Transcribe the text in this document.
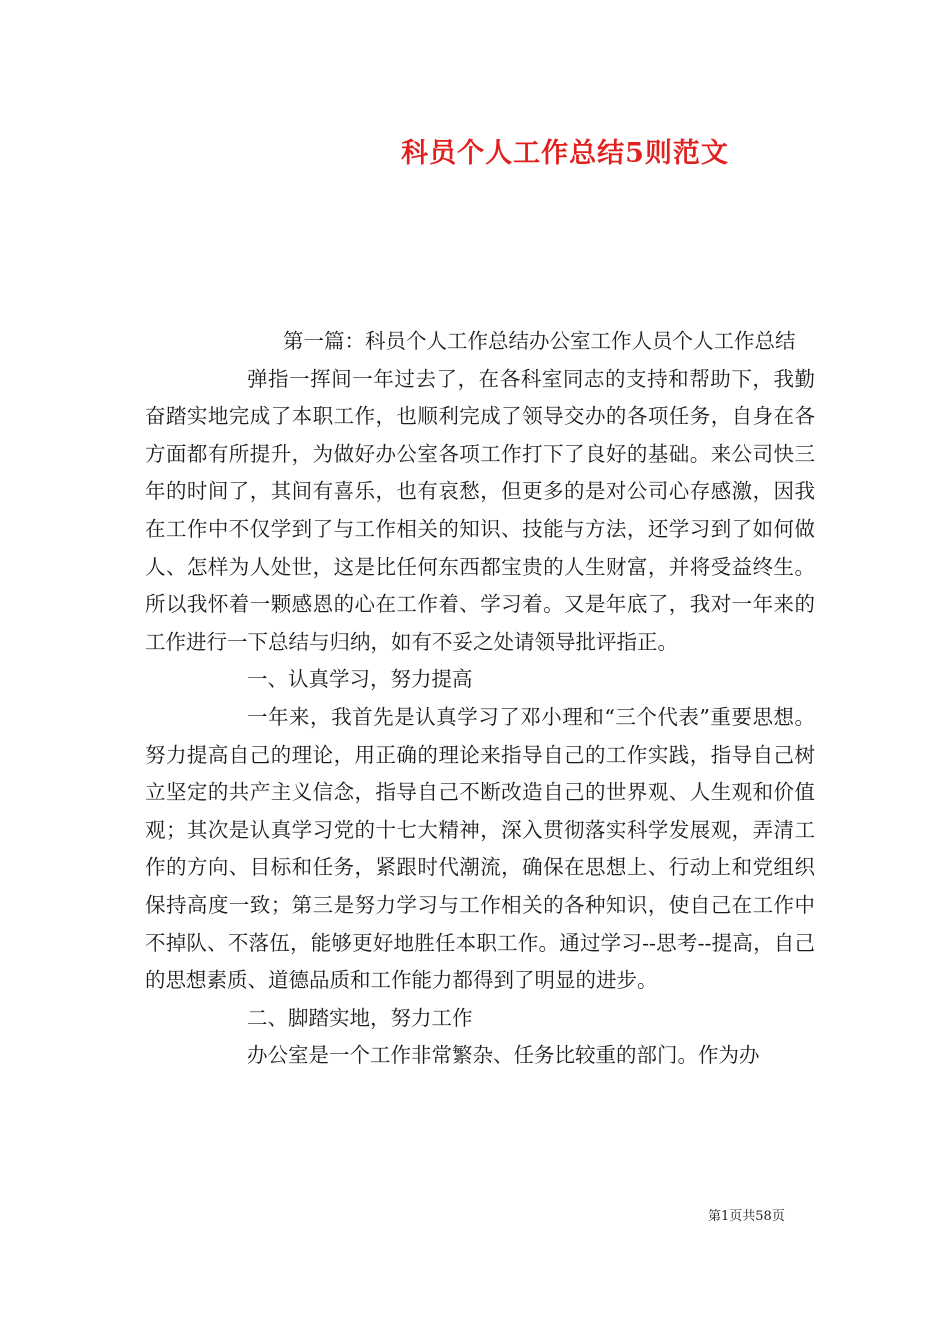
科员个人工作总结5则范文

第一篇：科员个人工作总结办公室工作人员个人工作总结

弹指一挥间一年过去了，在各科室同志的支持和帮助下，我勤奋踏实地完成了本职工作，也顺利完成了领导交办的各项任务，自身在各方面都有所提升，为做好办公室各项工作打下了良好的基础。来公司快三年的时间了，其间有喜乐，也有哀愁，但更多的是对公司心存感激，因我在工作中不仅学到了与工作相关的知识、技能与方法，还学习到了如何做人、怎样为人处世，这是比任何东西都宝贵的人生财富，并将受益终生。所以我怀着一颗感恩的心在工作着、学习着。又是年底了，我对一年来的工作进行一下总结与归纳，如有不妥之处请领导批评指正。

一、认真学习，努力提高

一年来，我首先是认真学习了邓小理和“三个代表”重要思想。努力提高自己的理论，用正确的理论来指导自己的工作实践，指导自己树立坚定的共产主义信念，指导自己不断改造自己的世界观、人生观和价值观；其次是认真学习党的十七大精神，深入贯彻落实科学发展观，弄清工作的方向、目标和任务，紧跟时代潮流，确保在思想上、行动上和党组织保持高度一致；第三是努力学习与工作相关的各种知识，使自己在工作中不掉队、不落伍，能够更好地胜任本职工作。通过学习--思考--提高，自己的思想素质、道德品质和工作能力都得到了明显的进步。

二、脚踏实地，努力工作

办公室是一个工作非常繁杂、任务比较重的部门。作为办

第1页共58页
